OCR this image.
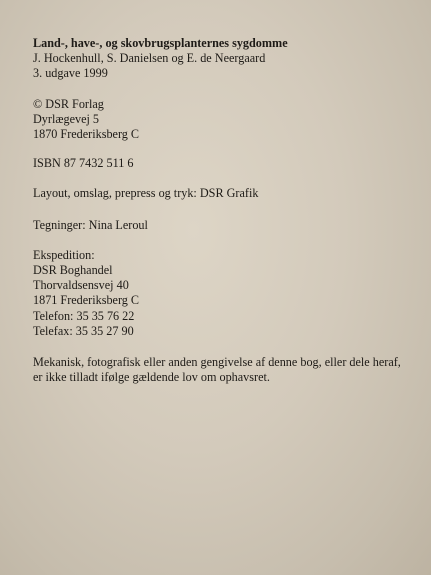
Land-, have-, og skovbrugsplanternes sygdomme
J. Hockenhull, S. Danielsen og E. de Neergaard
3. udgave 1999
© DSR Forlag
Dyrlægevej 5
1870 Frederiksberg C
ISBN 87 7432 511 6
Layout, omslag, prepress og tryk: DSR Grafik
Tegninger: Nina Leroul
Ekspedition:
DSR Boghandel
Thorvaldsensvej 40
1871 Frederiksberg C
Telefon: 35 35 76 22
Telefax: 35 35 27 90
Mekanisk, fotografisk eller anden gengivelse af denne bog, eller dele heraf,
er ikke tilladt ifølge gældende lov om ophavsret.
